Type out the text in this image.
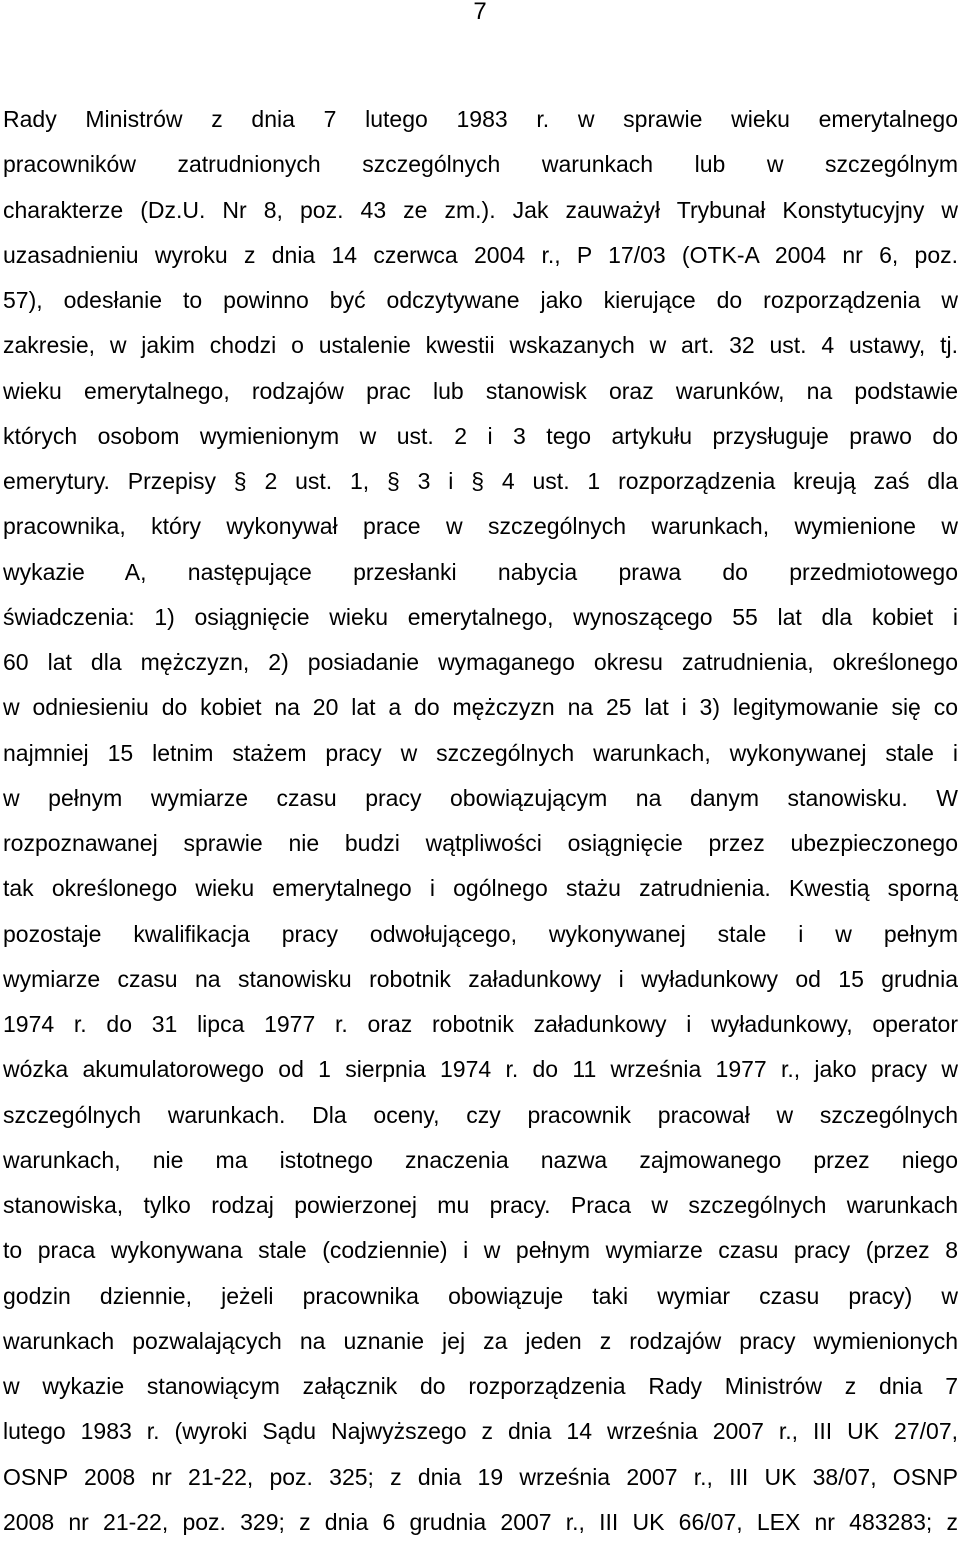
7
Rady Ministrów z dnia 7 lutego 1983 r. w sprawie wieku emerytalnego
pracowników zatrudnionych szczególnych warunkach lub w szczególnym
charakterze (Dz.U. Nr 8, poz. 43 ze zm.). Jak zauważył Trybunał Konstytucyjny w
uzasadnieniu wyroku z dnia 14 czerwca 2004 r., P 17/03 (OTK-A 2004 nr 6, poz.
57), odesłanie to powinno być odczytywane jako kierujące do rozporządzenia w
zakresie, w jakim chodzi o ustalenie kwestii wskazanych w art. 32 ust. 4 ustawy, tj.
wieku emerytalnego, rodzajów prac lub stanowisk oraz warunków, na podstawie
których osobom wymienionym w ust. 2 i 3 tego artykułu przysługuje prawo do
emerytury. Przepisy § 2 ust. 1, § 3 i § 4 ust. 1 rozporządzenia kreują zaś dla
pracownika, który wykonywał prace w szczególnych warunkach, wymienione w
wykazie A, następujące przesłanki nabycia prawa do przedmiotowego
świadczenia: 1) osiągnięcie wieku emerytalnego, wynoszącego 55 lat dla kobiet i
60 lat dla mężczyzn, 2) posiadanie wymaganego okresu zatrudnienia, określonego
w odniesieniu do kobiet na 20 lat a do mężczyzn na 25 lat i 3) legitymowanie się co
najmniej 15 letnim stażem pracy w szczególnych warunkach, wykonywanej stale i
w pełnym wymiarze czasu pracy obowiązującym na danym stanowisku. W
rozpoznawanej sprawie nie budzi wątpliwości osiągnięcie przez ubezpieczonego
tak określonego wieku emerytalnego i ogólnego stażu zatrudnienia. Kwestią sporną
pozostaje kwalifikacja pracy odwołującego, wykonywanej stale i w pełnym
wymiarze czasu na stanowisku robotnik załadunkowy i wyładunkowy od 15 grudnia
1974 r. do 31 lipca 1977 r. oraz robotnik załadunkowy i wyładunkowy, operator
wózka akumulatorowego od 1 sierpnia 1974 r. do 11 września 1977 r., jako pracy w
szczególnych warunkach. Dla oceny, czy pracownik pracował w szczególnych
warunkach, nie ma istotnego znaczenia nazwa zajmowanego przez niego
stanowiska, tylko rodzaj powierzonej mu pracy. Praca w szczególnych warunkach
to praca wykonywana stale (codziennie) i w pełnym wymiarze czasu pracy (przez 8
godzin dziennie, jeżeli pracownika obowiązuje taki wymiar czasu pracy) w
warunkach pozwalających na uznanie jej za jeden z rodzajów pracy wymienionych
w wykazie stanowiącym załącznik do rozporządzenia Rady Ministrów z dnia 7
lutego 1983 r. (wyroki Sądu Najwyższego z dnia 14 września 2007 r., III UK 27/07,
OSNP 2008 nr 21-22, poz. 325; z dnia 19 września 2007 r., III UK 38/07, OSNP
2008 nr 21-22, poz. 329; z dnia 6 grudnia 2007 r., III UK 66/07, LEX nr 483283; z
